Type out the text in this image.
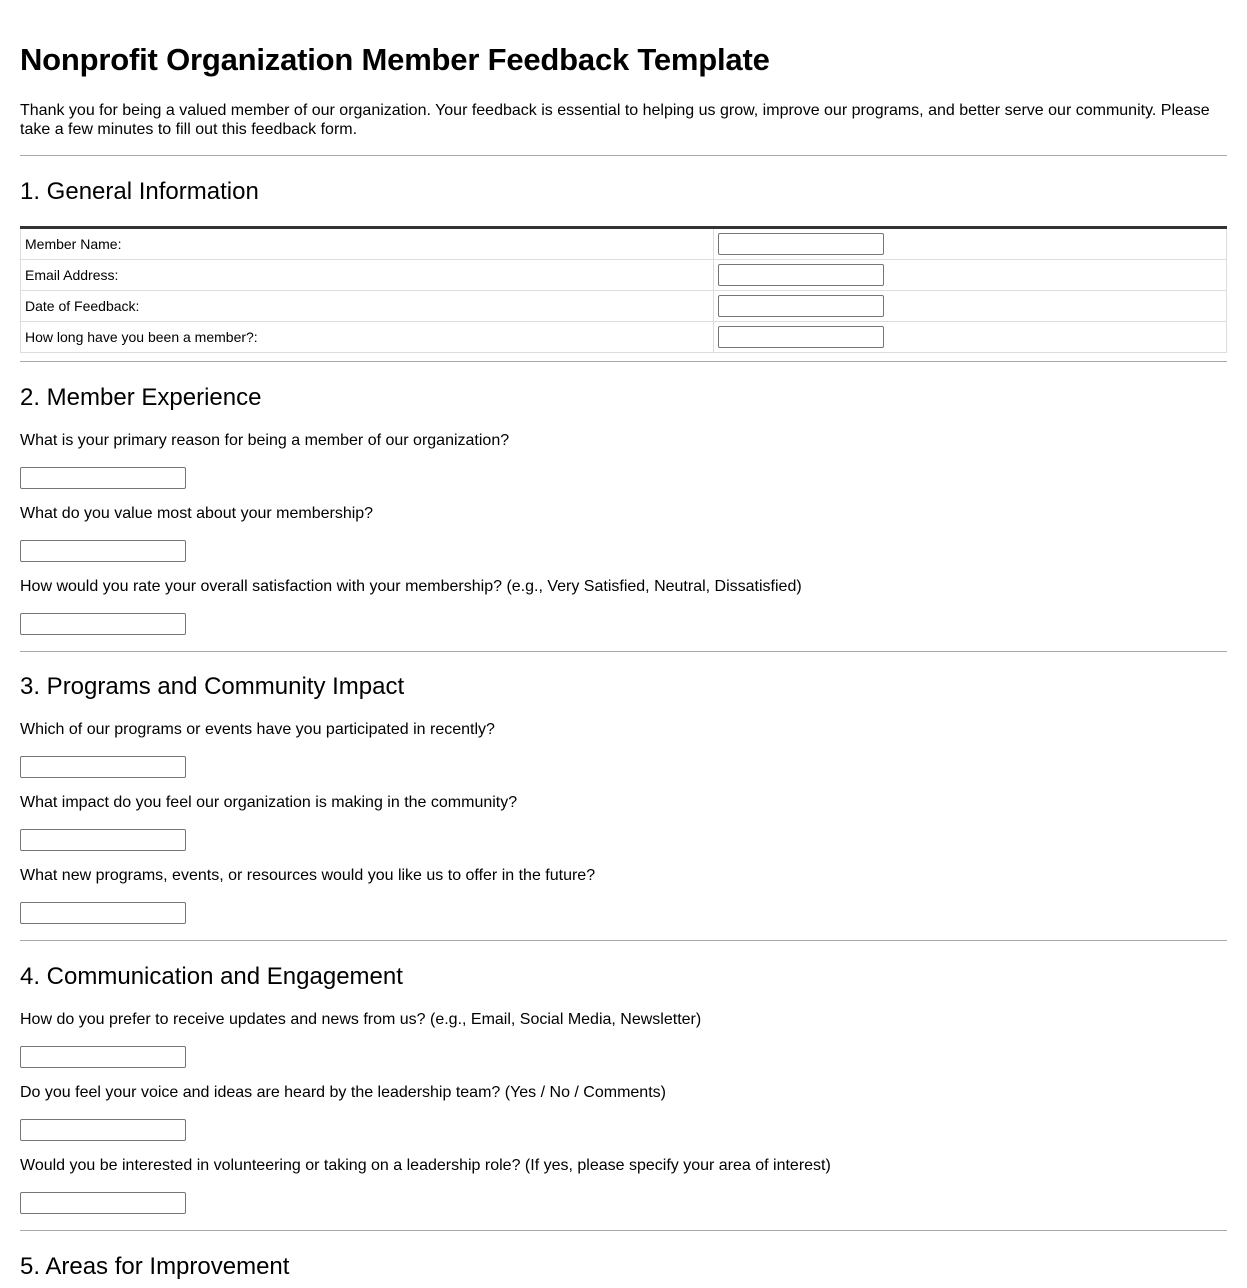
Nonprofit Organization Member Feedback Template
Thank you for being a valued member of our organization. Your feedback is essential to helping us grow, improve our programs, and better serve our community. Please take a few minutes to fill out this feedback form.
1. General Information
Member Name:	

Email Address:	

Date of Feedback:	

How long have you been a member?:	
2. Member Experience
What is your primary reason for being a member of our organization?
What do you value most about your membership?
How would you rate your overall satisfaction with your membership? (e.g., Very Satisfied, Neutral, Dissatisfied)
3. Programs and Community Impact
Which of our programs or events have you participated in recently?
What impact do you feel our organization is making in the community?
What new programs, events, or resources would you like us to offer in the future?
4. Communication and Engagement
How do you prefer to receive updates and news from us? (e.g., Email, Social Media, Newsletter)
Do you feel your voice and ideas are heard by the leadership team? (Yes / No / Comments)
Would you be interested in volunteering or taking on a leadership role? (If yes, please specify your area of interest)
5. Areas for Improvement
